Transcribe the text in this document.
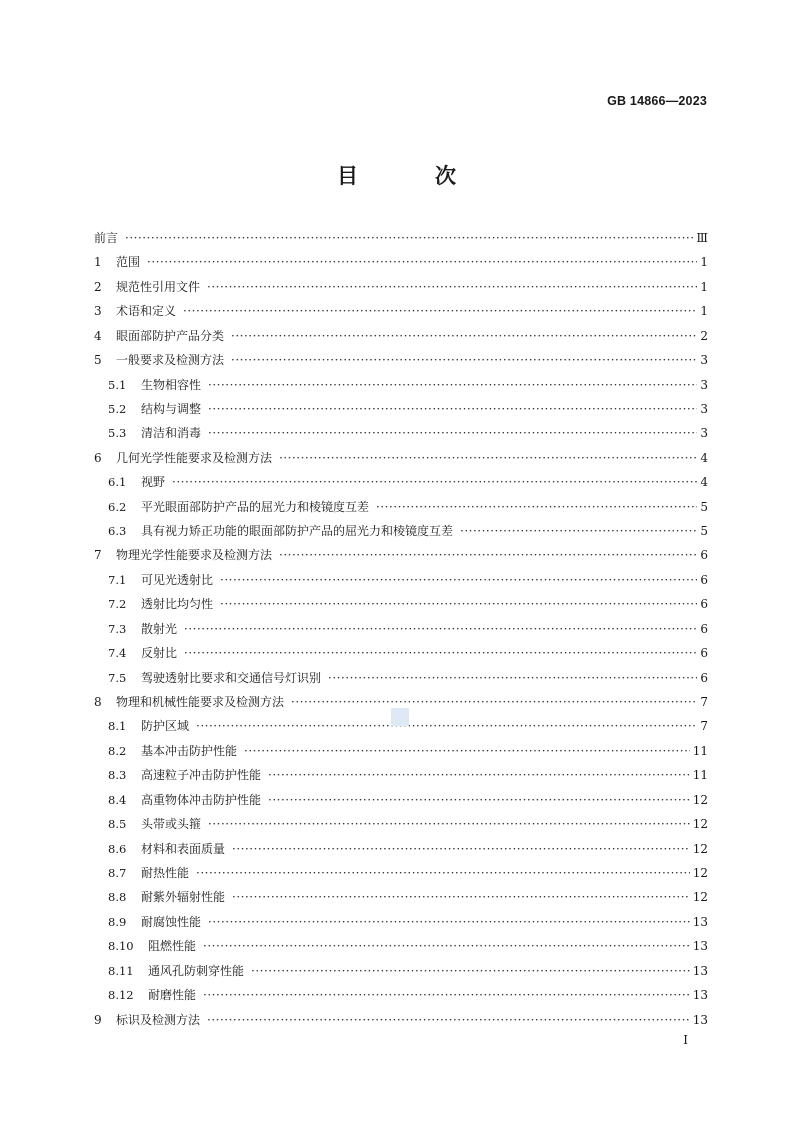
GB 14866—2023
目　次
前言 ·····	Ⅲ
1	范围 ·····	1
2	规范性引用文件 ·····	1
3	术语和定义 ·····	1
4	眼面部防护产品分类 ·····	2
5	一般要求及检测方法 ·····	3
5.1	生物相容性 ·····	3
5.2	结构与调整 ·····	3
5.3	清洁和消毒 ·····	3
6	几何光学性能要求及检测方法 ·····	4
6.1	视野 ·····	4
6.2	平光眼面部防护产品的屈光力和棱镜度互差 ·····	5
6.3	具有视力矫正功能的眼面部防护产品的屈光力和棱镜度互差 ·····	5
7	物理光学性能要求及检测方法 ·····	6
7.1	可见光透射比 ·····	6
7.2	透射比均匀性 ·····	6
7.3	散射光 ·····	6
7.4	反射比 ·····	6
7.5	驾驶透射比要求和交通信号灯识别 ·····	6
8	物理和机械性能要求及检测方法 ·····	7
8.1	防护区域 ·····	7
8.2	基本冲击防护性能 ·····	11
8.3	高速粒子冲击防护性能 ·····	11
8.4	高重物体冲击防护性能 ·····	12
8.5	头带或头箍 ·····	12
8.6	材料和表面质量 ·····	12
8.7	耐热性能 ·····	12
8.8	耐紫外辐射性能 ·····	12
8.9	耐腐蚀性能 ·····	13
8.10	阻燃性能 ·····	13
8.11	通风孔防刺穿性能 ·····	13
8.12	耐磨性能 ·····	13
9	标识及检测方法 ·····	13
I
